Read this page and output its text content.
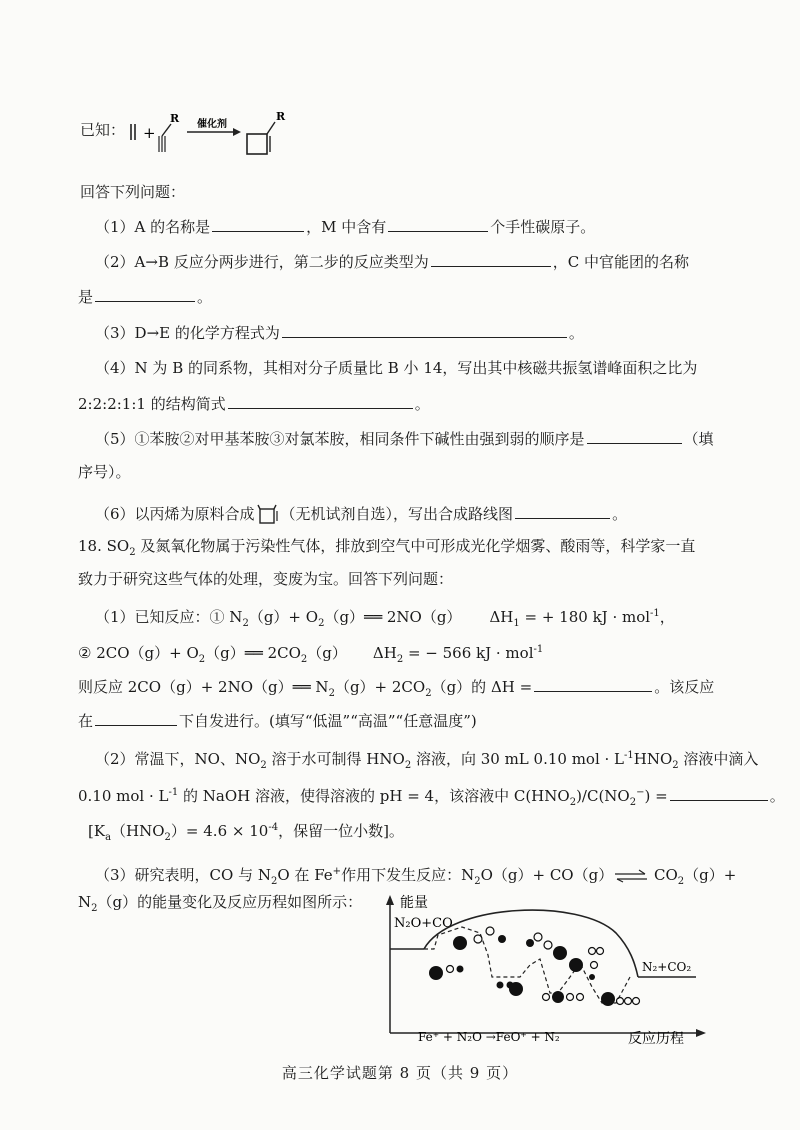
已知：	+
R 催化剂
R
回答下列问题：
（1）A 的名称是	，M 中含有	个手性碳原子。
（2）A→B 反应分两步进行，第二步的反应类型为	，C 中官能团的名称
是	。
（3）D→E 的化学方程式为	。
（4）N 为 B 的同系物，其相对分子质量比 B 小 14，写出其中核磁共振氢谱峰面积之比为
2:2:2:1:1 的结构简式	。
（5）①苯胺②对甲基苯胺③对氯苯胺，相同条件下碱性由强到弱的顺序是	（填
序号）。
（6）以丙烯为原料合成 （无机试剂自选），写出合成路线图	。
18. $SO_2$ 及氮氧化物属于污染性气体，排放到空气中可形成光化学烟雾、酸雨等，科学家一直
致力于研究这些气体的处理，变废为宝。回答下列问题：
（1）已知反应：① $N_2(g)+$ $O_2(g)══$ 2NO（g） $\Delta H_1$ = + 180 kJ · mol$^{-1}$，
② $2CO(g)+ O_2(g)══$ $2CO_2(g) \Delta H_2$ = − 566 kJ · mol$^{-1}$
则反应 2CO（g）+ 2NO（g）══ $N_2(g)+ 2CO_2(g)$的 ΔH =	。该反应
在	下自发进行。(填写“低温”“高温”“任意温度”)
（2）常温下，NO、$NO_2$ 溶于水可制得 $HNO_2$ 溶液，向 30 mL 0.10 mol · $L^{-1}HNO_2$ 溶液中滴入
0.10 mol · $L^{-1}$ 的 NaOH 溶液，使得溶液的 pH = 4，该溶液中 $C(HNO_2)/C(NO_2^-)$ =	。
[$K_a(HNO_2)= 4.6 \times 10^{-4}$，保留一位小数]。
（3）研究表明，CO 与 $N_2O$ 在 Fe+作用下发生反应：$N_2O(g)+$ CO（g）⇌ $CO_2(g)+$
$N_2(g)$的能量变化及反应历程如图所示：	能量
N₂O+CO
N₂+CO₂
Fe⁺ + N₂O →FeO⁺ + N₂	反应历程
高三化学试题第 8 页（共 9 页）
